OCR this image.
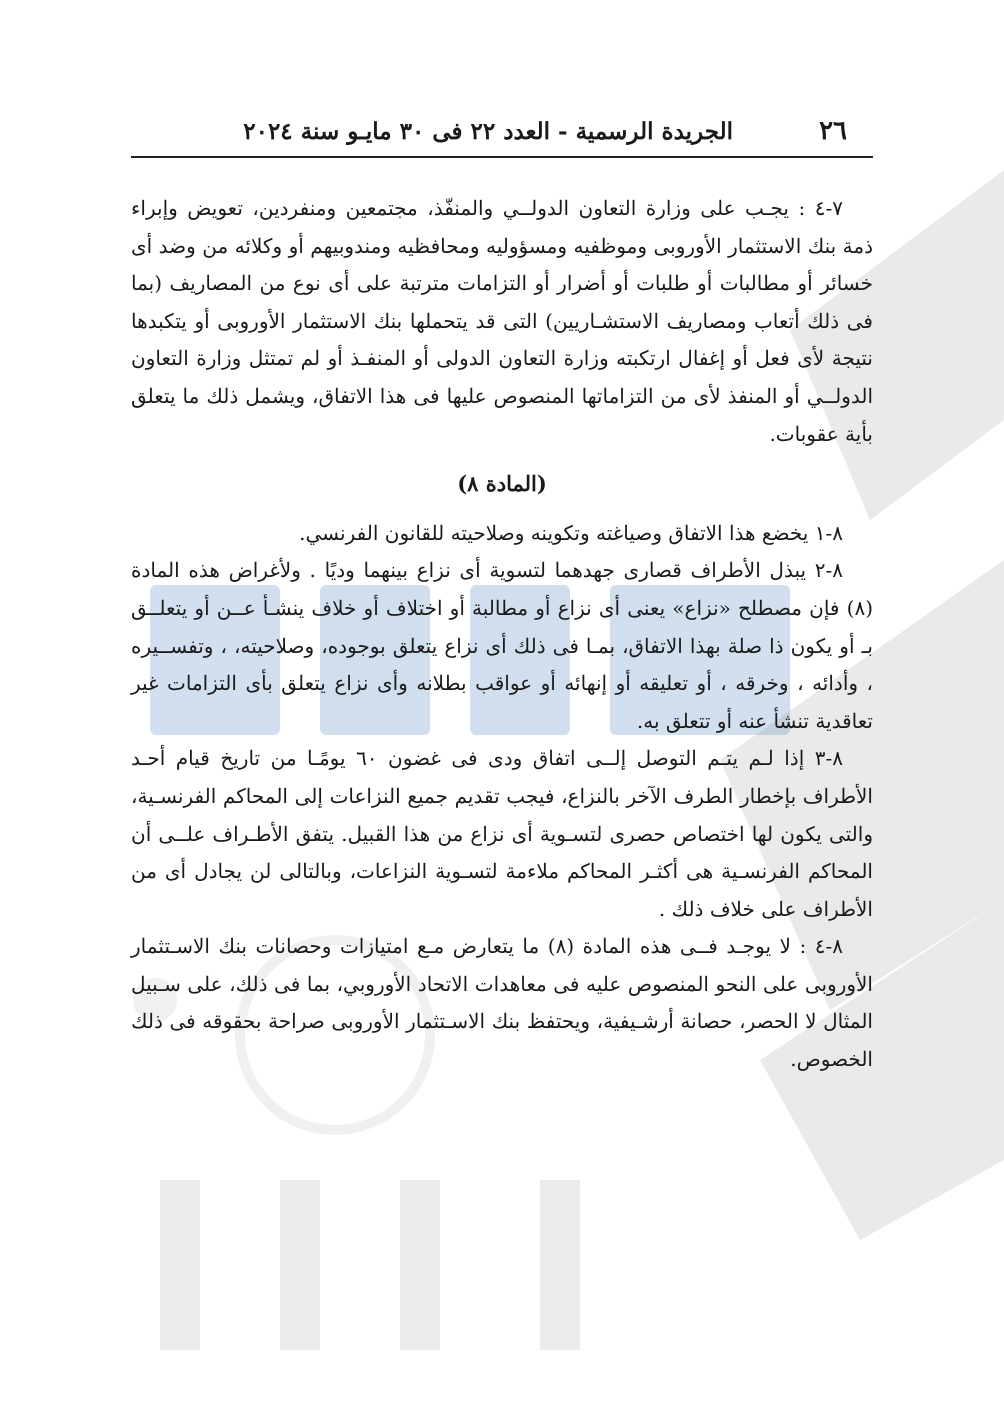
٢٦
الجريدة الرسمية - العدد ٢٢ فى ٣٠ مايـو سنة ٢٠٢٤

٧-٤ : يجـب على وزارة التعاون الدولــي والمنفّذ، مجتمعين ومنفردين، تعويض وإبراء ذمة بنك الاستثمار الأوروبى وموظفيه ومسؤوليه ومحافظيه ومندوبيهم أو وكلائه من وضد أى خسائر أو مطالبات أو طلبات أو أضرار أو التزامات مترتبة على أى نوع من المصاريف (بما فى ذلك أتعاب ومصاريف الاستشـاريين) التى قد يتحملها بنك الاستثمار الأوروبى أو يتكبدها نتيجة لأى فعل أو إغفال ارتكبته وزارة التعاون الدولى أو المنفـذ أو لم تمتثل وزارة التعاون الدولــي أو المنفذ لأى من التزاماتها المنصوص عليها فى هذا الاتفاق، ويشمل ذلك ما يتعلق بأية عقوبات.

(المادة ٨)

٨-١ يخضع هذا الاتفاق وصياغته وتكوينه وصلاحيته للقانون الفرنسي.

٨-٢ يبذل الأطراف قصارى جهدهما لتسوية أى نزاع بينهما وديًا . ولأغراض هذه المادة (٨) فإن مصطلح «نزاع» يعنى أى نزاع أو مطالبة أو اختلاف أو خلاف ينشـأ عــن أو يتعلــق بـ أو يكون ذا صلة بهذا الاتفاق، بمـا فى ذلك أى نزاع يتعلق بوجوده، وصلاحيته، ، وتفســيره ، وأدائه ، وخرقه ، أو تعليقه أو إنهائه أو عواقب بطلانه وأى نزاع يتعلق بأى التزامات غير تعاقدية تنشأ عنه أو تتعلق به.

٨-٣ إذا لـم يتـم التوصل إلــى اتفاق ودى فى غضون ٦٠ يومًـا من تاريخ قيام أحـد الأطراف بإخطار الطرف الآخر بالنزاع، فيجب تقديم جميع النزاعات إلى المحاكم الفرنسـية، والتى يكون لها اختصاص حصرى لتسـوية أى نزاع من هذا القبيل. يتفق الأطـراف علــى أن المحاكم الفرنسـية هى أكثـر المحاكم ملاءمة لتسـوية النزاعات، وبالتالى لن يجادل أى من الأطراف على خلاف ذلك .

٨-٤ : لا يوجـد فــى هذه المادة (٨) ما يتعارض مـع امتيازات وحصانات بنك الاسـتثمار الأوروبى على النحو المنصوص عليه فى معاهدات الاتحاد الأوروبي، بما فى ذلك، على سـبيل المثال لا الحصر، حصانة أرشـيفية، ويحتفظ بنك الاسـتثمار الأوروبى صراحة بحقوقه فى ذلك الخصوص.
